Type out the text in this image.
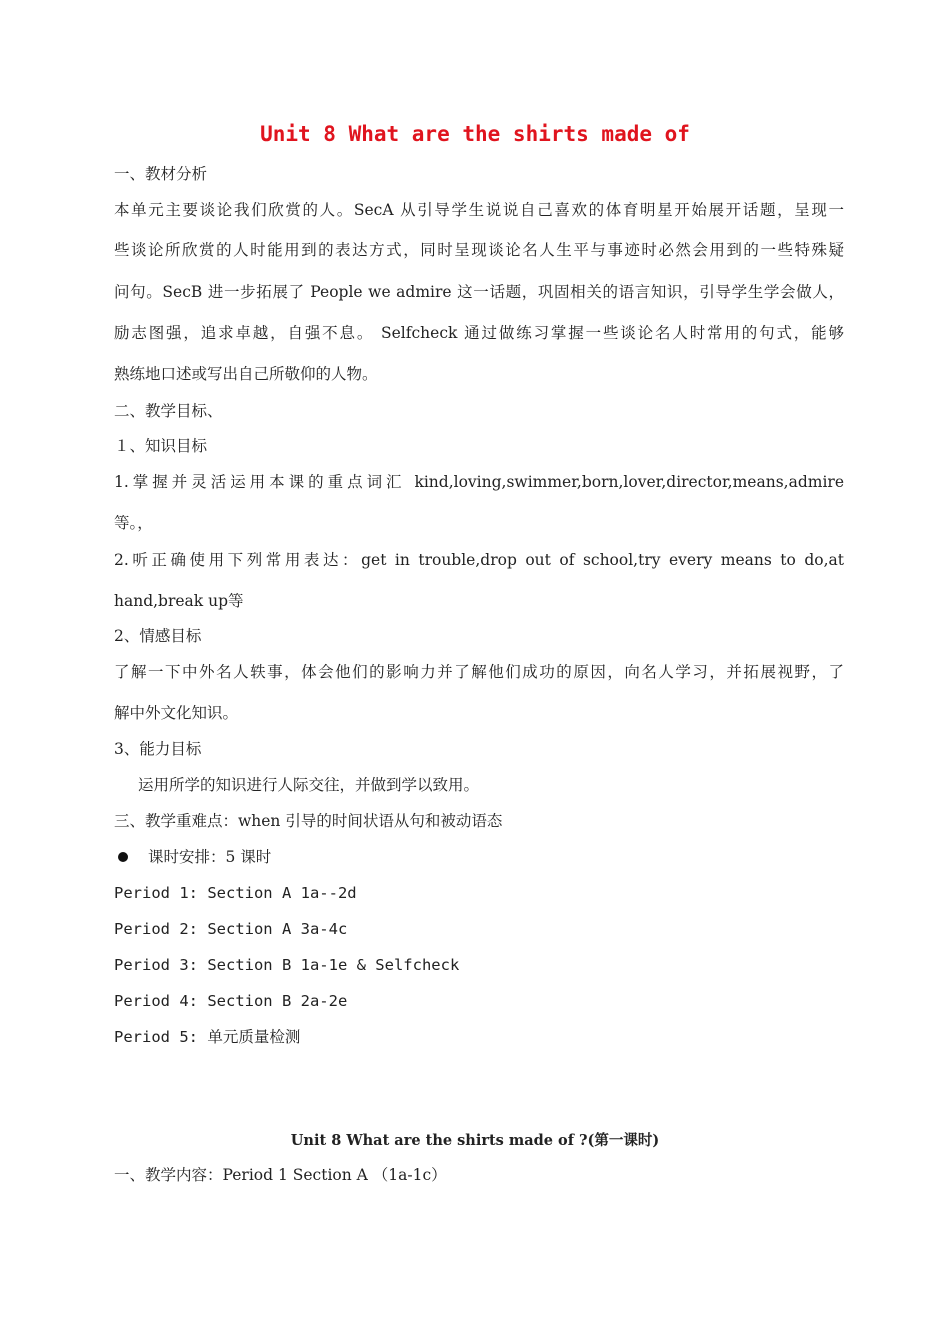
Unit 8 What are the shirts made of
一、教材分析
本单元主要谈论我们欣赏的人。SecA 从引导学生说说自己喜欢的体育明星开始展开话题，呈现一
些谈论所欣赏的人时能用到的表达方式，同时呈现谈论名人生平与事迹时必然会用到的一些特殊疑
问句。SecB 进一步拓展了 People we admire 这一话题，巩固相关的语言知识，引导学生学会做人，
励志图强，追求卓越，自强不息。 Selfcheck 通过做练习掌握一些谈论名人时常用的句式，能够
熟练地口述或写出自己所敬仰的人物。
二、教学目标、
１、知识目标
1.掌握并灵活运用本课的重点词汇 kind,loving,swimmer,born,lover,director,means,admire
等。，
2.听正确使用下列常用表达：get in trouble,drop out of school,try every means to do,at
hand,break up等
2、情感目标
了解一下中外名人轶事，体会他们的影响力并了解他们成功的原因，向名人学习，并拓展视野，了
解中外文化知识。
3、能力目标
运用所学的知识进行人际交往，并做到学以致用。
三、教学重难点：when 引导的时间状语从句和被动语态
课时安排：5 课时
Period 1: Section A 1a--2d
Period 2: Section A 3a-4c
Period 3: Section B 1a-1e & Selfcheck
Period 4: Section B 2a-2e
Period 5: 单元质量检测
Unit 8 What are the shirts made of ?(第一课时)
一、教学内容：Period 1 Section A （1a-1c）
